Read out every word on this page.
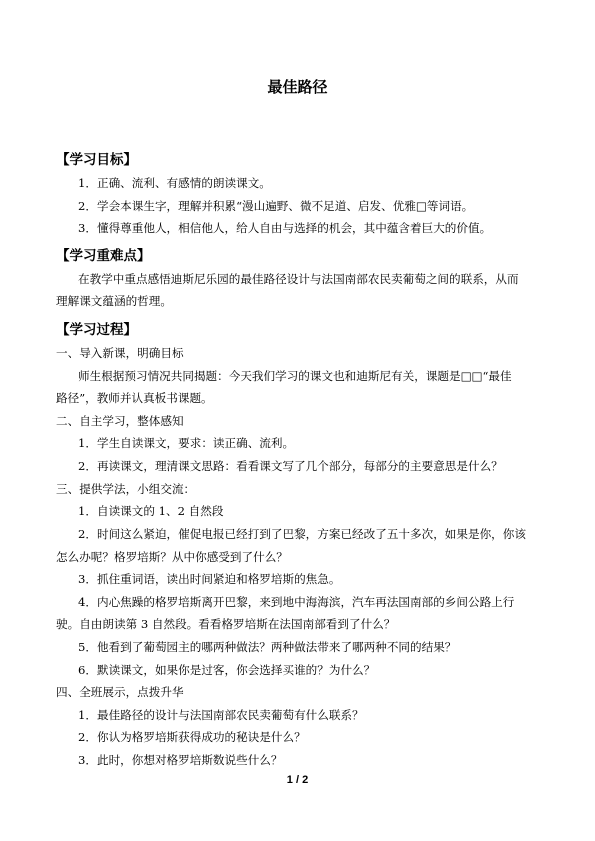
最佳路径
【学习目标】
1．正确、流利、有感情的朗读课文。
2．学会本课生字，理解并积累“漫山遍野、微不足道、启发、优雅□等词语。
3．懂得尊重他人，相信他人，给人自由与选择的机会，其中蕴含着巨大的价值。
【学习重难点】
在教学中重点感悟迪斯尼乐园的最佳路径设计与法国南部农民卖葡萄之间的联系，从而
理解课文蕴涵的哲理。
【学习过程】
一、导入新课，明确目标
师生根据预习情况共同揭题：今天我们学习的课文也和迪斯尼有关，课题是□□“最佳
路径”，教师并认真板书课题。
二、自主学习，整体感知
1．学生自读课文，要求：读正确、流利。
2．再读课文，理清课文思路：看看课文写了几个部分，每部分的主要意思是什么？
三、提供学法，小组交流：
1．自读课文的 1、2 自然段
2．时间这么紧迫，催促电报已经打到了巴黎，方案已经改了五十多次，如果是你，你该
怎么办呢？格罗培斯？从中你感受到了什么？
3．抓住重词语，读出时间紧迫和格罗培斯的焦急。
4．内心焦躁的格罗培斯离开巴黎，来到地中海海滨，汽车再法国南部的乡间公路上行
驶。自由朗读第 3 自然段。看看格罗培斯在法国南部看到了什么？
5．他看到了葡萄园主的哪两种做法？两种做法带来了哪两种不同的结果？
6．默读课文，如果你是过客，你会选择买谁的？为什么？
四、全班展示，点拨升华
1．最佳路径的设计与法国南部农民卖葡萄有什么联系？
2．你认为格罗培斯获得成功的秘诀是什么？
3．此时，你想对格罗培斯数说些什么？
1 / 2
